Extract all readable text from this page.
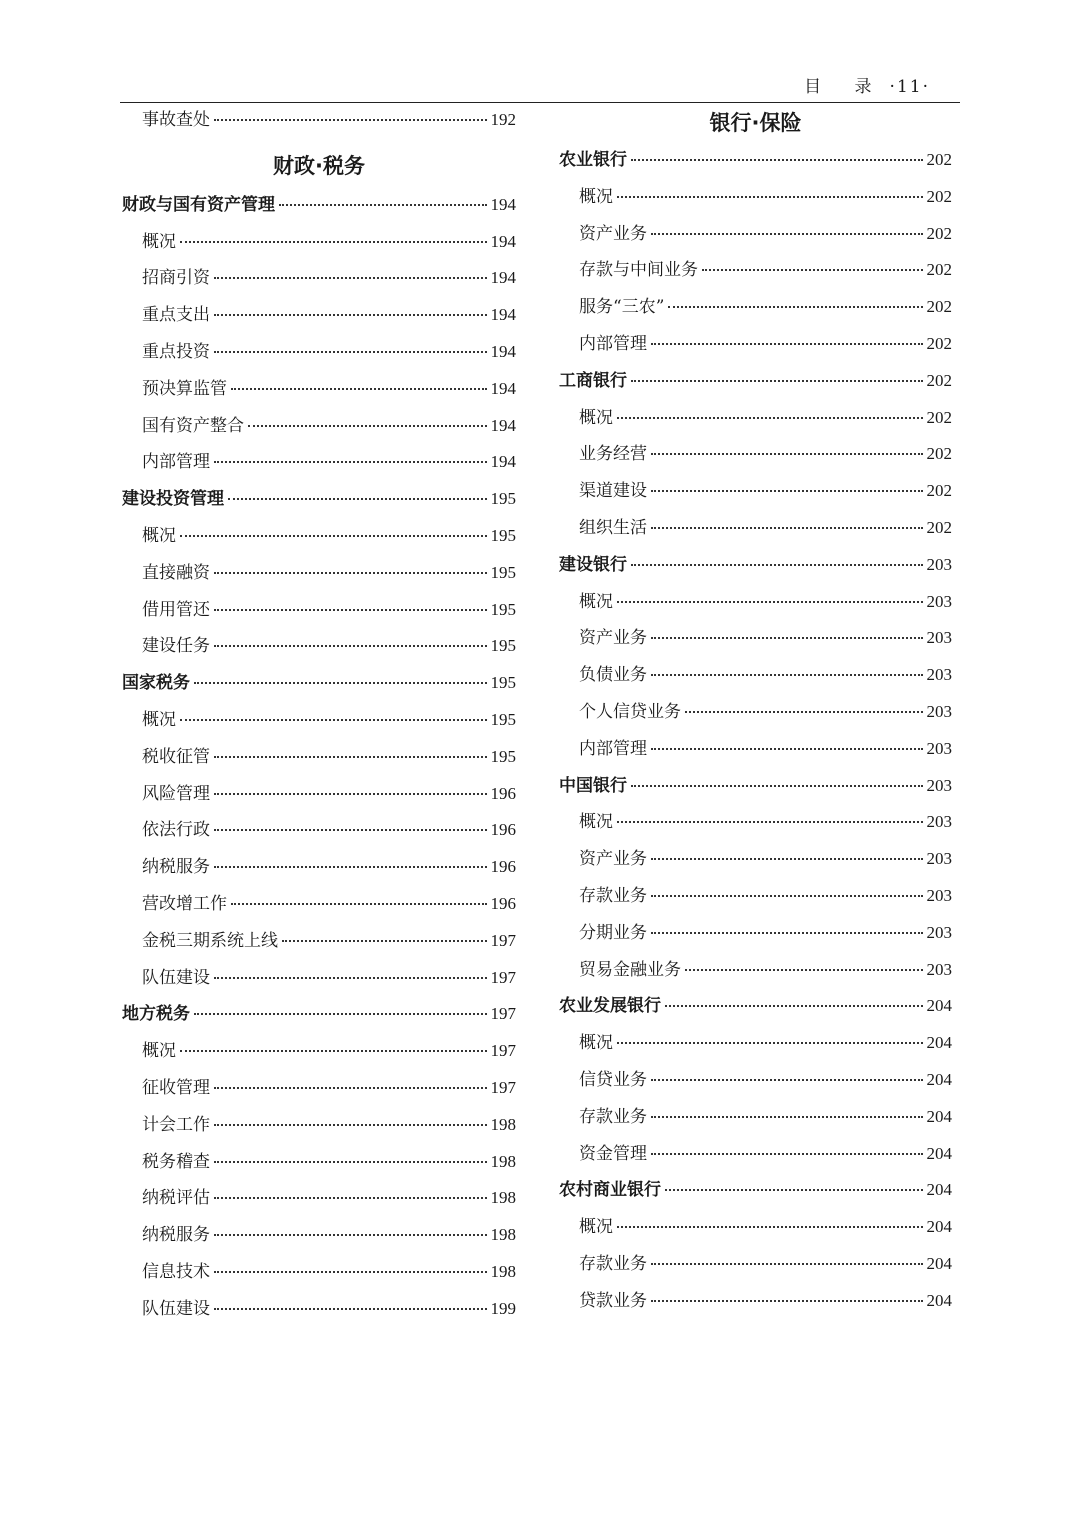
目 录 ·11·
事故查处	192
财政·税务
财政与国有资产管理	194
概况	194
招商引资	194
重点支出	194
重点投资	194
预决算监管	194
国有资产整合	194
内部管理	194
建设投资管理	195
概况	195
直接融资	195
借用管还	195
建设任务	195
国家税务	195
概况	195
税收征管	195
风险管理	196
依法行政	196
纳税服务	196
营改增工作	196
金税三期系统上线	197
队伍建设	197
地方税务	197
概况	197
征收管理	197
计会工作	198
税务稽查	198
纳税评估	198
纳税服务	198
信息技术	198
队伍建设	199
银行·保险
农业银行	202
概况	202
资产业务	202
存款与中间业务	202
服务“三农”	202
内部管理	202
工商银行	202
概况	202
业务经营	202
渠道建设	202
组织生活	202
建设银行	203
概况	203
资产业务	203
负债业务	203
个人信贷业务	203
内部管理	203
中国银行	203
概况	203
资产业务	203
存款业务	203
分期业务	203
贸易金融业务	203
农业发展银行	204
概况	204
信贷业务	204
存款业务	204
资金管理	204
农村商业银行	204
概况	204
存款业务	204
贷款业务	204
